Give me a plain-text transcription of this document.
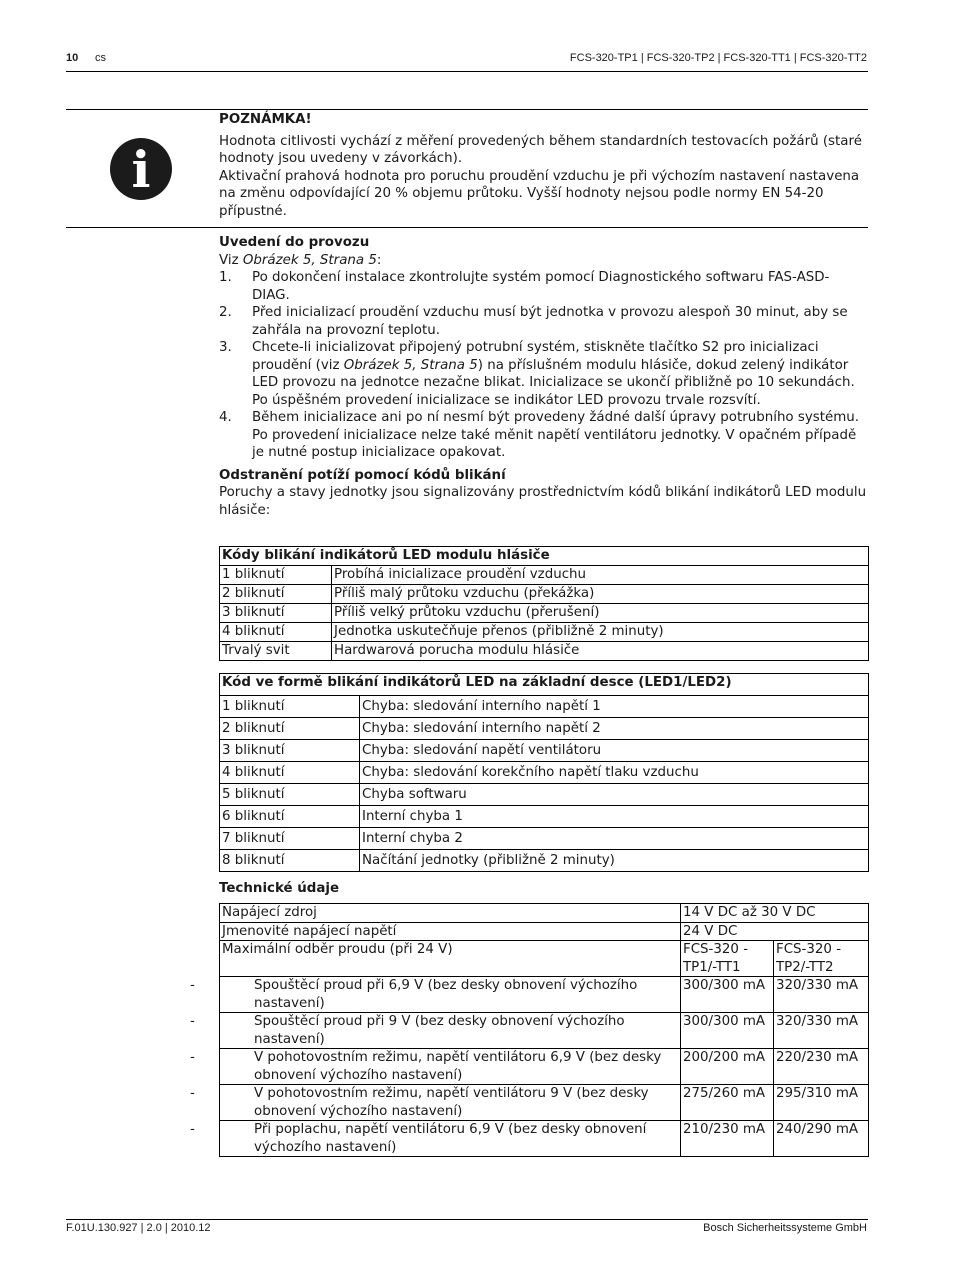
10 cs	FCS-320-TP1 | FCS-320-TP2 | FCS-320-TT1 | FCS-320-TT2
i
POZNÁMKA!
Hodnota citlivosti vychází z měření provedených během standardních testovacích požárů (staré hodnoty jsou uvedeny v závorkách).
Aktivační prahová hodnota pro poruchu proudění vzduchu je při výchozím nastavení nastavena na změnu odpovídající 20 % objemu průtoku. Vyšší hodnoty nejsou podle normy EN 54-20 přípustné.
Uvedení do provozu
Viz Obrázek 5, Strana 5:
1. Po dokončení instalace zkontrolujte systém pomocí Diagnostického softwaru FAS-ASD-DIAG.
2. Před inicializací proudění vzduchu musí být jednotka v provozu alespoň 30 minut, aby se zahřála na provozní teplotu.
3. Chcete-li inicializovat připojený potrubní systém, stiskněte tlačítko S2 pro inicializaci proudění (viz Obrázek 5, Strana 5) na příslušném modulu hlásiče, dokud zelený indikátor LED provozu na jednotce nezačne blikat. Inicializace se ukončí přibližně po 10 sekundách. Po úspěšném provedení inicializace se indikátor LED provozu trvale rozsvítí.
4. Během inicializace ani po ní nesmí být provedeny žádné další úpravy potrubního systému. Po provedení inicializace nelze také měnit napětí ventilátoru jednotky. V opačném případě je nutné postup inicializace opakovat.
Odstranění potíží pomocí kódů blikání
Poruchy a stavy jednotky jsou signalizovány prostřednictvím kódů blikání indikátorů LED modulu hlásiče:
Kódy blikání indikátorů LED modulu hlásiče	
1 bliknutí	Probíhá inicializace proudění vzduchu
2 bliknutí	Příliš malý průtoku vzduchu (překážka)
3 bliknutí	Příliš velký průtoku vzduchu (přerušení)
4 bliknutí	Jednotka uskutečňuje přenos (přibližně 2 minuty)
Trvalý svit	Hardwarová porucha modulu hlásiče
Kód ve formě blikání indikátorů LED na základní desce (LED1/LED2)	
1 bliknutí	Chyba: sledování interního napětí 1
2 bliknutí	Chyba: sledování interního napětí 2
3 bliknutí	Chyba: sledování napětí ventilátoru
4 bliknutí	Chyba: sledování korekčního napětí tlaku vzduchu
5 bliknutí	Chyba softwaru
6 bliknutí	Interní chyba 1
7 bliknutí	Interní chyba 2
8 bliknutí	Načítání jednotky (přibližně 2 minuty)
Technické údaje
Napájecí zdroj	14 V DC až 30 V DC	
Jmenovité napájecí napětí	24 V DC	
Maximální odběr proudu (při 24 V)	FCS-320 -TP1/-TT1	FCS-320 -TP2/-TT2

- Spouštěcí proud při 6,9 V (bez desky obnovení výchozího nastavení)	300/300 mA	320/330 mA

- Spouštěcí proud při 9 V (bez desky obnovení výchozího nastavení)	300/300 mA	320/330 mA

- V pohotovostním režimu, napětí ventilátoru 6,9 V (bez desky obnovení výchozího nastavení)	200/200 mA	220/230 mA

- V pohotovostním režimu, napětí ventilátoru 9 V (bez desky obnovení výchozího nastavení)	275/260 mA	295/310 mA

- Při poplachu, napětí ventilátoru 6,9 V (bez desky obnovení výchozího nastavení)	210/230 mA	240/290 mA
F.01U.130.927 | 2.0 | 2010.12	Bosch Sicherheitssysteme GmbH
